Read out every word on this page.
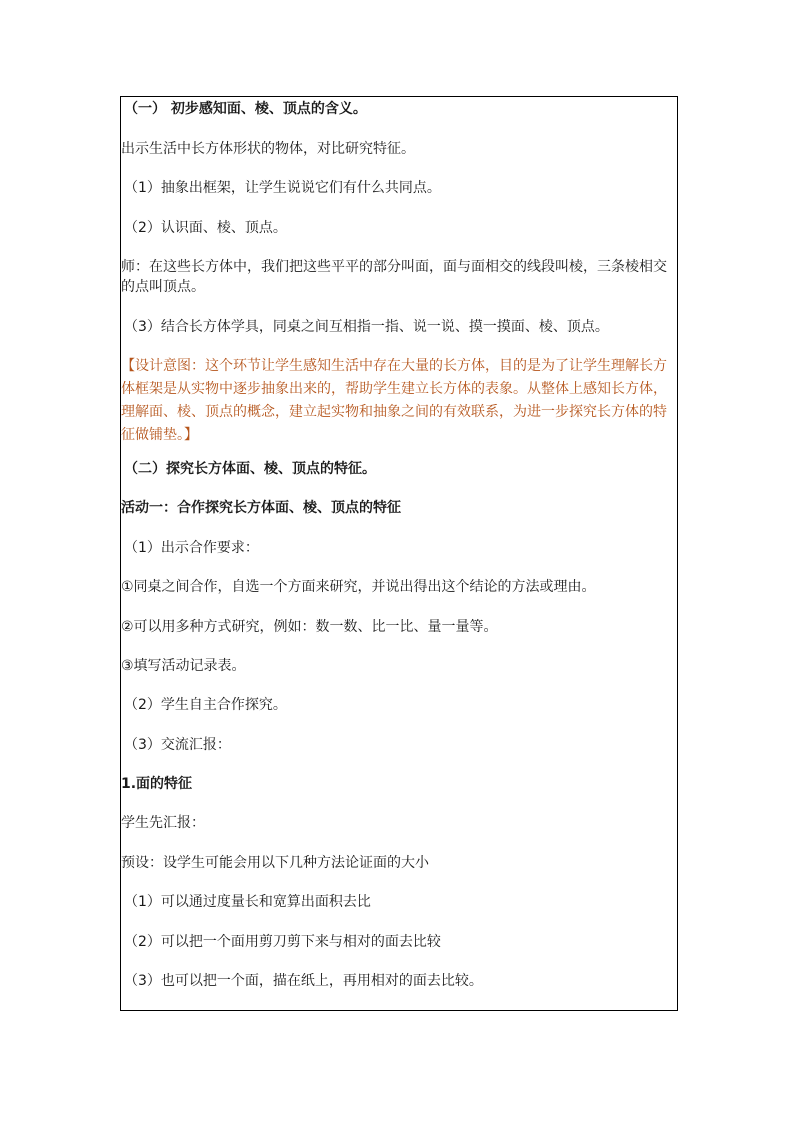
（一） 初步感知面、棱、顶点的含义。
出示生活中长方体形状的物体，对比研究特征。
（1）抽象出框架，让学生说说它们有什么共同点。
（2）认识面、棱、顶点。
师：在这些长方体中，我们把这些平平的部分叫面，面与面相交的线段叫棱，三条棱相交的点叫顶点。
（3）结合长方体学具，同桌之间互相指一指、说一说、摸一摸面、棱、顶点。
【设计意图：这个环节让学生感知生活中存在大量的长方体，目的是为了让学生理解长方体框架是从实物中逐步抽象出来的，帮助学生建立长方体的表象。从整体上感知长方体，理解面、棱、顶点的概念，建立起实物和抽象之间的有效联系，为进一步探究长方体的特征做铺垫。】
（二）探究长方体面、棱、顶点的特征。
活动一：合作探究长方体面、棱、顶点的特征
（1）出示合作要求：
①同桌之间合作，自选一个方面来研究，并说出得出这个结论的方法或理由。
②可以用多种方式研究，例如：数一数、比一比、量一量等。
③填写活动记录表。
（2）学生自主合作探究。
（3）交流汇报：
1.面的特征
学生先汇报：
预设：设学生可能会用以下几种方法论证面的大小
（1）可以通过度量长和宽算出面积去比
（2）可以把一个面用剪刀剪下来与相对的面去比较
（3）也可以把一个面，描在纸上，再用相对的面去比较。
